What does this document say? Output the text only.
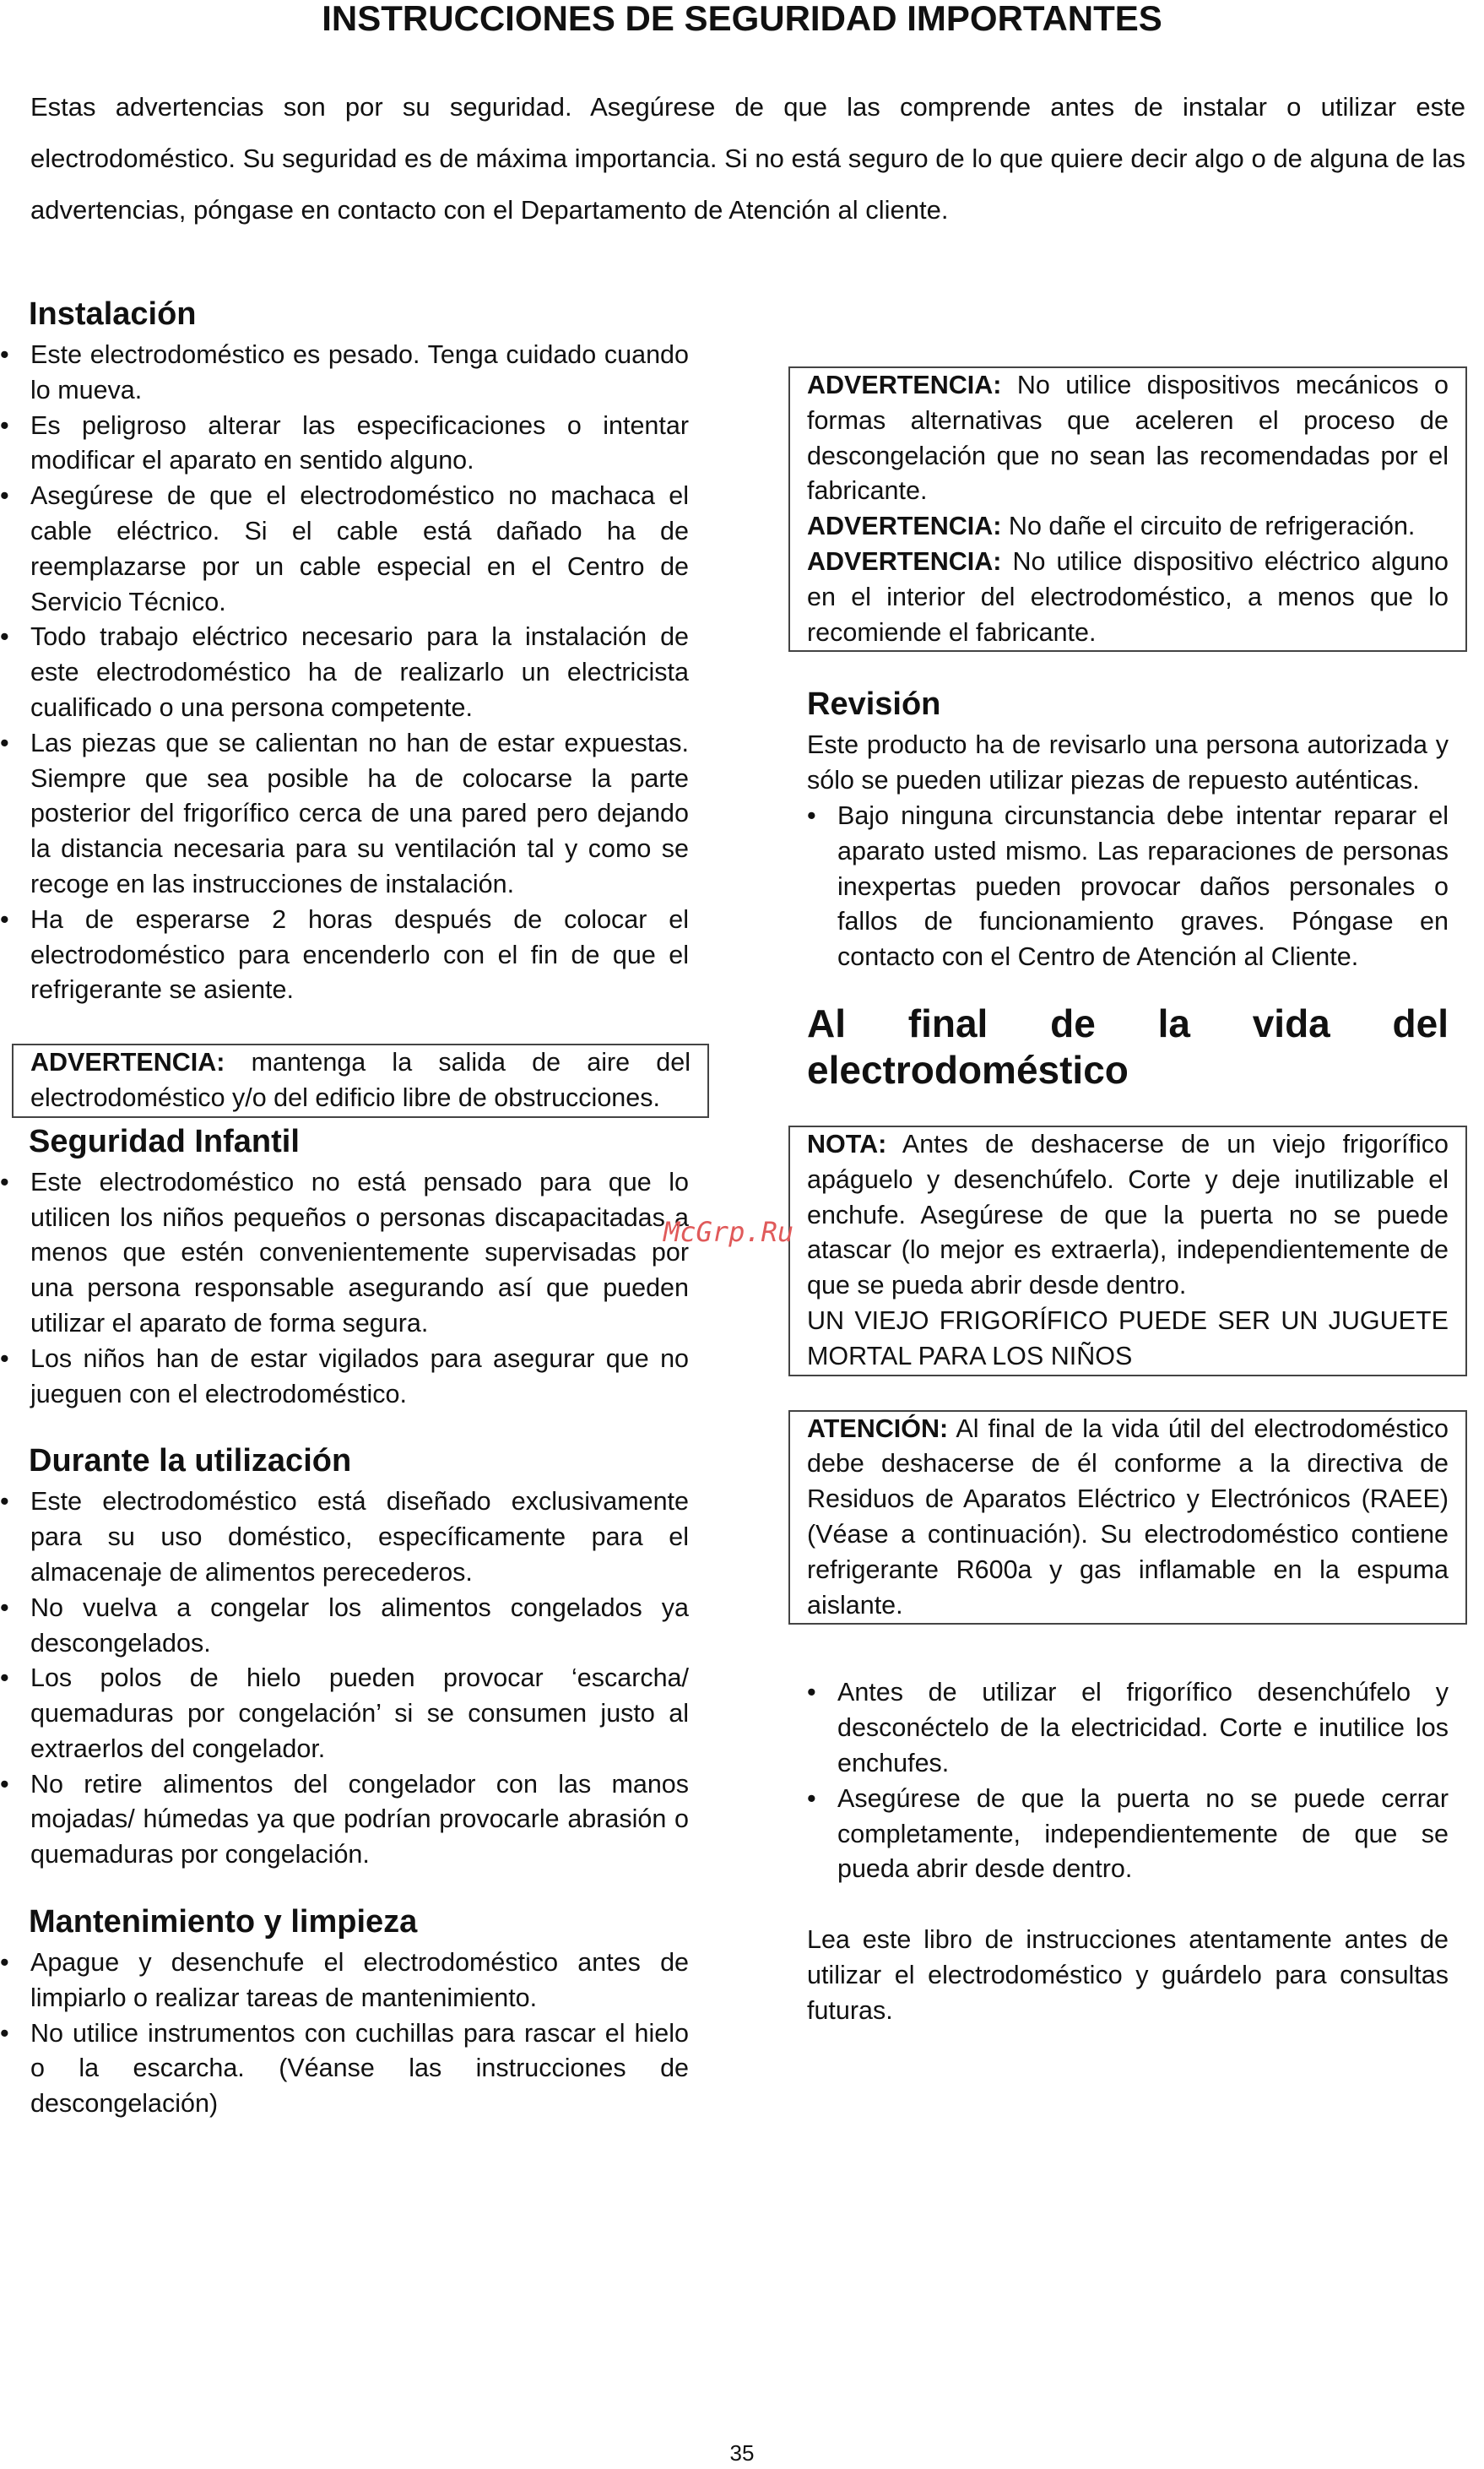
INSTRUCCIONES DE SEGURIDAD IMPORTANTES

Estas advertencias son por su seguridad. Asegúrese de que las comprende antes de instalar o utilizar este electrodoméstico. Su seguridad es de máxima importancia. Si no está seguro de lo que quiere decir algo o de alguna de las advertencias, póngase en contacto con el Departamento de Atención al cliente.

Instalación
• Este electrodoméstico es pesado. Tenga cuidado cuando lo mueva.
• Es peligroso alterar las especificaciones o intentar modificar el aparato en sentido alguno.
• Asegúrese de que el electrodoméstico no machaca el cable eléctrico. Si el cable está dañado ha de reemplazarse por un cable especial en el Centro de Servicio Técnico.
• Todo trabajo eléctrico necesario para la instalación de este electrodoméstico ha de realizarlo un electricista cualificado o una persona competente.
• Las piezas que se calientan no han de estar expuestas. Siempre que sea posible ha de colocarse la parte posterior del frigorífico cerca de una pared pero dejando la distancia necesaria para su ventilación tal y como se recoge en las instrucciones de instalación.
• Ha de esperarse 2 horas después de colocar el electrodoméstico para encenderlo con el fin de que el refrigerante se asiente.

ADVERTENCIA: mantenga la salida de aire del electrodoméstico y/o del edificio libre de obstrucciones.

Seguridad Infantil
• Este electrodoméstico no está pensado para que lo utilicen los niños pequeños o personas discapacitadas a menos que estén convenientemente supervisadas por una persona responsable asegurando así que pueden utilizar el aparato de forma segura.
• Los niños han de estar vigilados para asegurar que no jueguen con el electrodoméstico.
Durante la utilización
• Este electrodoméstico está diseñado exclusivamente para su uso doméstico, específicamente para el almacenaje de alimentos perecederos.
• No vuelva a congelar los alimentos congelados ya descongelados.
• Los polos de hielo pueden provocar ‘escarcha/ quemaduras por congelación’ si se consumen justo al extraerlos del congelador.
• No retire alimentos del congelador con las manos mojadas/ húmedas ya que podrían provocarle abrasión o quemaduras por congelación.
Mantenimiento y limpieza
• Apague y desenchufe el electrodoméstico antes de limpiarlo o realizar tareas de mantenimiento.
• No utilice instrumentos con cuchillas para rascar el hielo o la escarcha. (Véanse las instrucciones de descongelación)

ADVERTENCIA: No utilice dispositivos mecánicos o formas alternativas que aceleren el proceso de descongelación que no sean las recomendadas por el fabricante.

ADVERTENCIA: No dañe el circuito de refrigeración.

ADVERTENCIA: No utilice dispositivo eléctrico alguno en el interior del electrodoméstico, a menos que lo recomiende el fabricante.

Revisión

Este producto ha de revisarlo una persona autorizada y sólo se pueden utilizar piezas de repuesto auténticas.

• Bajo ninguna circunstancia debe intentar reparar el aparato usted mismo. Las reparaciones de personas inexpertas pueden provocar daños personales o fallos de funcionamiento graves. Póngase en contacto con el Centro de Atención al Cliente.
Al final de la vida del
electrodoméstico

NOTA: Antes de deshacerse de un viejo frigorífico apáguelo y desenchúfelo. Corte y deje inutilizable el enchufe. Asegúrese de que la puerta no se puede atascar (lo mejor es extraerla), independientemente de que se pueda abrir desde dentro.

UN VIEJO FRIGORÍFICO PUEDE SER UN JUGUETE MORTAL PARA LOS NIÑOS

ATENCIÓN: Al final de la vida útil del electrodoméstico debe deshacerse de él conforme a la directiva de Residuos de Aparatos Eléctrico y Electrónicos (RAEE) (Véase a continuación). Su electrodoméstico contiene refrigerante R600a y gas inflamable en la espuma aislante.

• Antes de utilizar el frigorífico desenchúfelo y desconéctelo de la electricidad. Corte e inutilice los enchufes.
• Asegúrese de que la puerta no se puede cerrar completamente, independientemente de que se pueda abrir desde dentro.

Lea este libro de instrucciones atentamente antes de utilizar el electrodoméstico y guárdelo para consultas futuras.

McGrp.Ru
35
